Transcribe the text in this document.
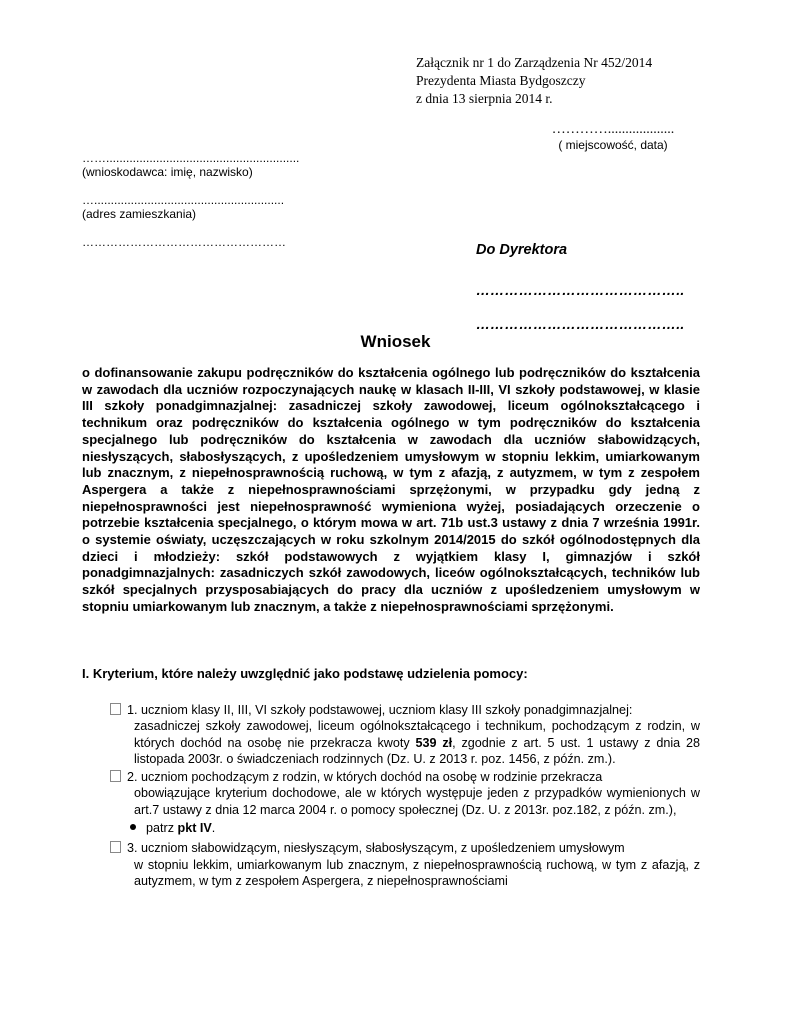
Załącznik nr 1 do Zarządzenia Nr 452/2014
Prezydenta Miasta Bydgoszczy
z dnia 13 sierpnia 2014 r.
…………...................
( miejscowość, data)
……..........................................................
(wnioskodawca: imię, nazwisko)
….........................................................
(adres zamieszkania)
……………………………………………	Do Dyrektora
……………………………………..
……………………………………..
Wniosek
o dofinansowanie zakupu podręczników do kształcenia ogólnego lub podręczników do kształcenia w zawodach dla uczniów rozpoczynających naukę w klasach II-III, VI szkoły podstawowej, w klasie III szkoły ponadgimnazjalnej: zasadniczej szkoły zawodowej, liceum ogólnokształcącego i technikum oraz podręczników do kształcenia ogólnego w tym podręczników do kształcenia specjalnego lub podręczników do kształcenia w zawodach dla uczniów słabowidzących, niesłyszących, słabosłyszących, z upośledzeniem umysłowym w stopniu lekkim, umiarkowanym lub znacznym, z niepełnosprawnością ruchową, w tym z afazją, z autyzmem, w tym z zespołem Aspergera a także z niepełnosprawnościami sprzężonymi, w przypadku gdy jedną z niepełnosprawności jest niepełnosprawność wymieniona wyżej, posiadających orzeczenie o potrzebie kształcenia specjalnego, o którym mowa w art. 71b ust.3 ustawy z dnia 7 września 1991r. o systemie oświaty, uczęszczających w roku szkolnym 2014/2015 do szkół ogólnodostępnych dla dzieci i młodzieży: szkół podstawowych z wyjątkiem klasy I, gimnazjów i szkół ponadgimnazjalnych: zasadniczych szkół zawodowych, liceów ogólnokształcących, techników lub szkół specjalnych przysposabiających do pracy dla uczniów z upośledzeniem umysłowym w stopniu umiarkowanym lub znacznym, a także z niepełnosprawnościami sprzężonymi.
I. Kryterium, które należy uwzględnić jako podstawę udzielenia pomocy:
1. uczniom klasy II, III, VI szkoły podstawowej, uczniom klasy III szkoły ponadgimnazjalnej:
zasadniczej szkoły zawodowej, liceum ogólnokształcącego i technikum, pochodzącym z rodzin, w których dochód na osobę nie przekracza kwoty 539 zł, zgodnie z art. 5 ust. 1 ustawy z dnia 28 listopada 2003r. o świadczeniach rodzinnych (Dz. U. z 2013 r. poz. 1456, z późn. zm.).
2. uczniom pochodzącym z rodzin, w których dochód na osobę w rodzinie przekracza
obowiązujące kryterium dochodowe, ale w których występuje jeden z przypadków wymienionych w art.7 ustawy z dnia 12 marca 2004 r. o pomocy społecznej (Dz. U. z 2013r. poz.182, z późn. zm.),
patrz pkt IV.
3. uczniom słabowidzącym, niesłyszącym, słabosłyszącym, z upośledzeniem umysłowym
w stopniu lekkim, umiarkowanym lub znacznym, z niepełnosprawnością ruchową, w tym z afazją, z autyzmem, w tym z zespołem Aspergera, z niepełnosprawnościami
